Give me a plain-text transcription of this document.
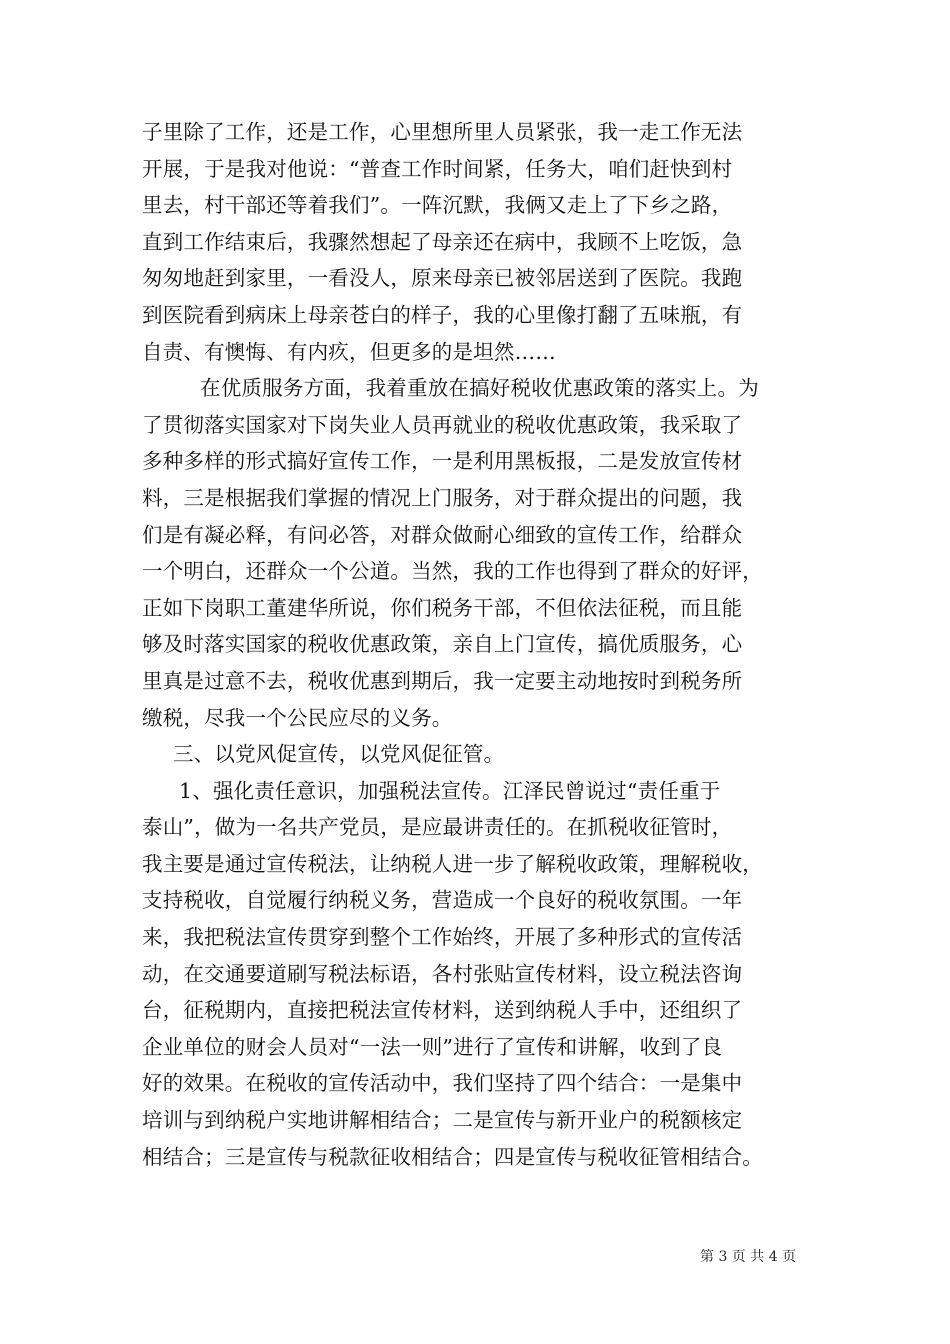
子里除了工作，还是工作，心里想所里人员紧张，我一走工作无法
开展，于是我对他说：“普查工作时间紧，任务大，咱们赶快到村
里去，村干部还等着我们”。一阵沉默，我俩又走上了下乡之路，
直到工作结束后，我骤然想起了母亲还在病中，我顾不上吃饭，急
匆匆地赶到家里，一看没人，原来母亲已被邻居送到了医院。我跑
到医院看到病床上母亲苍白的样子，我的心里像打翻了五味瓶，有
自责、有懊悔、有内疚，但更多的是坦然……
在优质服务方面，我着重放在搞好税收优惠政策的落实上。为
了贯彻落实国家对下岗失业人员再就业的税收优惠政策，我采取了
多种多样的形式搞好宣传工作，一是利用黑板报，二是发放宣传材
料，三是根据我们掌握的情况上门服务，对于群众提出的问题，我
们是有凝必释，有问必答，对群众做耐心细致的宣传工作，给群众
一个明白，还群众一个公道。当然，我的工作也得到了群众的好评，
正如下岗职工董建华所说，你们税务干部，不但依法征税，而且能
够及时落实国家的税收优惠政策，亲自上门宣传，搞优质服务，心
里真是过意不去，税收优惠到期后，我一定要主动地按时到税务所
缴税，尽我一个公民应尽的义务。
三、以党风促宣传，以党风促征管。
1、强化责任意识，加强税法宣传。江泽民曾说过“责任重于
泰山”，做为一名共产党员，是应最讲责任的。在抓税收征管时，
我主要是通过宣传税法，让纳税人进一步了解税收政策，理解税收，
支持税收，自觉履行纳税义务，营造成一个良好的税收氛围。一年
来，我把税法宣传贯穿到整个工作始终，开展了多种形式的宣传活
动，在交通要道刷写税法标语，各村张贴宣传材料，设立税法咨询
台，征税期内，直接把税法宣传材料，送到纳税人手中，还组织了
企业单位的财会人员对“一法一则”进行了宣传和讲解，收到了良
好的效果。在税收的宣传活动中，我们坚持了四个结合：一是集中
培训与到纳税户实地讲解相结合；二是宣传与新开业户的税额核定
相结合；三是宣传与税款征收相结合；四是宣传与税收征管相结合。
第 3 页 共 4 页
